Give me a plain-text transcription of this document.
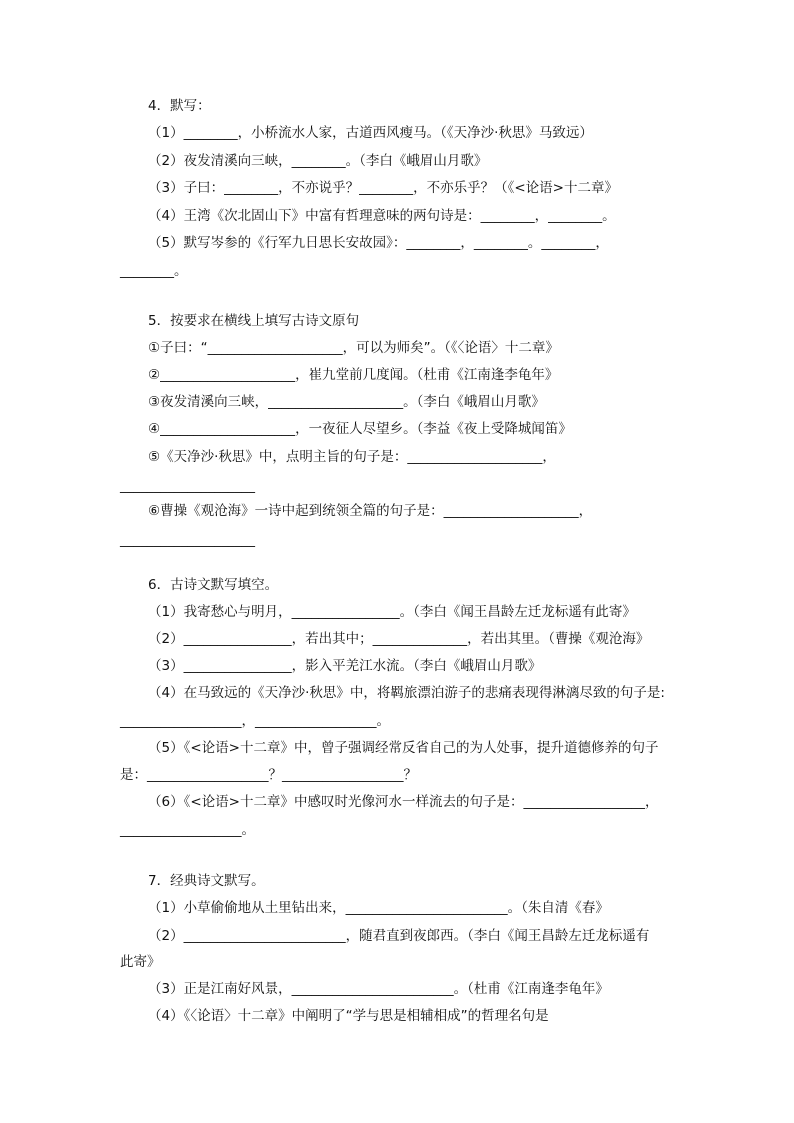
4．默写：
（1）________，小桥流水人家，古道西风瘦马。（《天净沙·秋思》马致远）
（2）夜发清溪向三峡，________。（李白《峨眉山月歌》
（3）子曰：________，不亦说乎？________，不亦乐乎？（《<论语>十二章》
（4）王湾《次北固山下》中富有哲理意味的两句诗是：________，________。
（5）默写岑参的《行军九日思长安故园》：________，________。________，
________。
5．按要求在横线上填写古诗文原句
①子曰：“____________________，可以为师矣”。（《〈论语〉十二章》
②____________________，崔九堂前几度闻。（杜甫《江南逢李龟年》
③夜发清溪向三峡，____________________。（李白《峨眉山月歌》
④____________________，一夜征人尽望乡。（李益《夜上受降城闻笛》
⑤《天净沙·秋思》中，点明主旨的句子是：____________________，
____________________
⑥曹操《观沧海》一诗中起到统领全篇的句子是：____________________，
____________________
6．古诗文默写填空。
（1）我寄愁心与明月，________________。（李白《闻王昌龄左迁龙标遥有此寄》
（2）________________，若出其中；______________，若出其里。（曹操《观沧海》
（3）________________，影入平羌江水流。（李白《峨眉山月歌》
（4）在马致远的《天净沙·秋思》中，将羁旅漂泊游子的悲痛表现得淋漓尽致的句子是:
__________________，__________________。
（5）《<论语>十二章》中，曾子强调经常反省自己的为人处事，提升道德修养的句子
是：__________________？__________________？
（6）《<论语>十二章》中感叹时光像河水一样流去的句子是：__________________，
__________________。
7．经典诗文默写。
（1）小草偷偷地从土里钻出来，________________________。（朱自清《春》
（2）________________________，随君直到夜郎西。（李白《闻王昌龄左迁龙标遥有
此寄》
（3）正是江南好风景，________________________。（杜甫《江南逢李龟年》
（4）《〈论语〉十二章》中阐明了“学与思是相辅相成”的哲理名句是
